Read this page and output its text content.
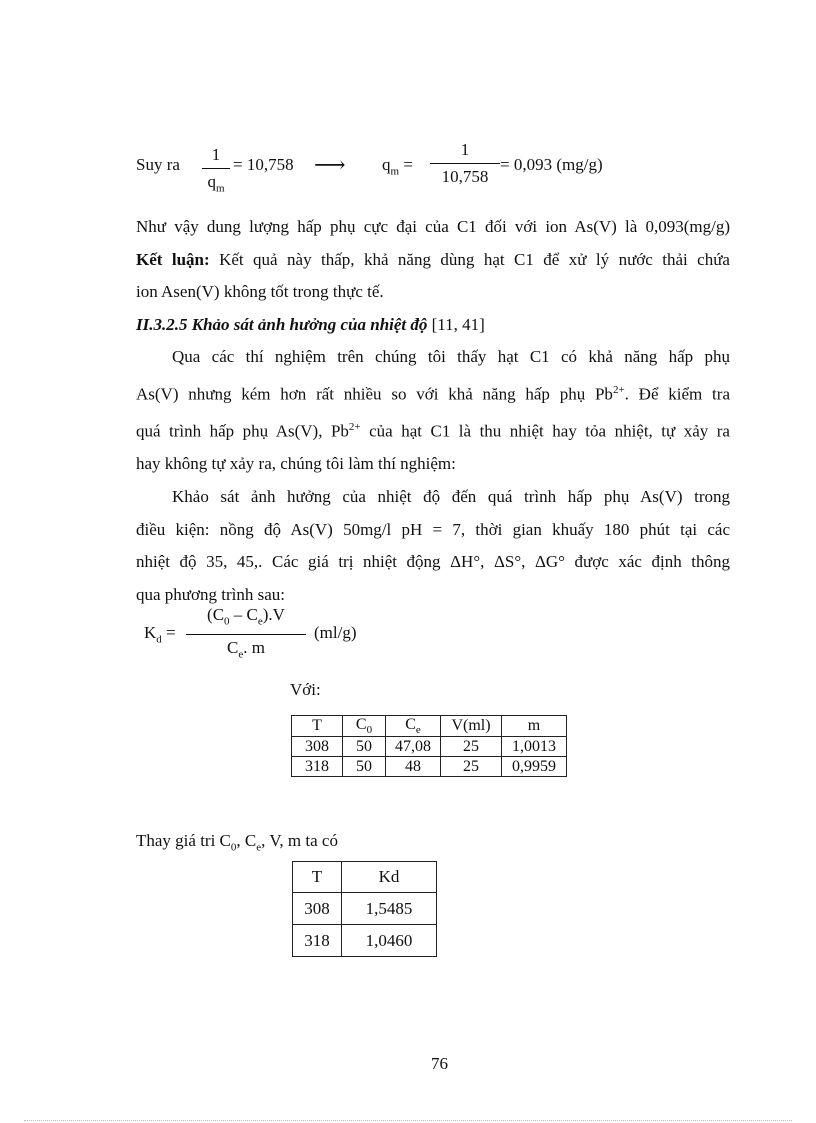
Suy ra
1
$q_m$
= 10,758 ⟶ $q_m$ =
1
10,758
= 0,093 (mg/g)
Như vậy dung lượng hấp phụ cực đại của C1 đối với ion As(V) là 0,093(mg/g)
Kết luận: Kết quả này thấp, khả năng dùng hạt C1 để xử lý nước thải chứa
ion Asen(V) không tốt trong thực tế.
II.3.2.5 Khảo sát ảnh hưởng của nhiệt độ [11, 41]
Qua các thí nghiệm trên chúng tôi thấy hạt C1 có khả năng hấp phụ
As(V) nhưng kém hơn rất nhiều so với khả năng hấp phụ $Pb^{2+}$. Để kiểm tra
quá trình hấp phụ As(V), $Pb^{2+}$ của hạt C1 là thu nhiệt hay tỏa nhiệt, tự xảy ra
hay không tự xảy ra, chúng tôi làm thí nghiệm:
Khảo sát ảnh hưởng của nhiệt độ đến quá trình hấp phụ As(V) trong
điều kiện: nồng độ As(V) 50mg/l pH = 7, thời gian khuấy 180 phút tại các
nhiệt độ 35, 45,. Các giá trị nhiệt động ΔH°, ΔS°, ΔG° được xác định thông
qua phương trình sau:
$K_d$ =
$(C_0 - C_e).V$
$C_e$. m
(ml/g)
Với:
T	$C_0$	$C_e$	V(ml)	m
308	50	47,08	25	1,0013
318	50	48	25	0,9959
Thay giá tri $C_0$, $C_e$, V, m ta có
T	Kd
308	1,5485
318	1,0460
76
